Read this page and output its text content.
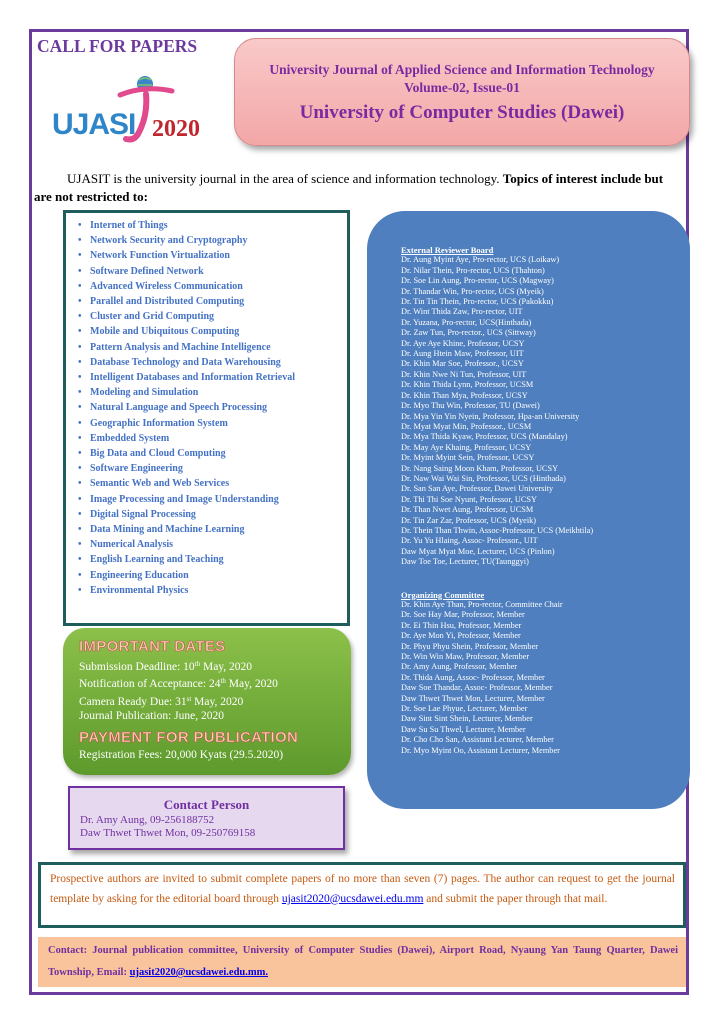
CALL FOR PAPERS
UJASI 2020
University Journal of Applied Science and Information Technology
Volume-02, Issue-01
University of Computer Studies (Dawei)
UJASIT is the university journal in the area of science and information technology. Topics of interest include but are not restricted to:
• Internet of Things
• Network Security and Cryptography
• Network Function Virtualization
• Software Defined Network
• Advanced Wireless Communication
• Parallel and Distributed Computing
• Cluster and Grid Computing
• Mobile and Ubiquitous Computing
• Pattern Analysis and Machine Intelligence
• Database Technology and Data Warehousing
• Intelligent Databases and Information Retrieval
• Modeling and Simulation
• Natural Language and Speech Processing
• Geographic Information System
• Embedded System
• Big Data and Cloud Computing
• Software Engineering
• Semantic Web and Web Services
• Image Processing and Image Understanding
• Digital Signal Processing
• Data Mining and Machine Learning
• Numerical Analysis
• English Learning and Teaching
• Engineering Education
• Environmental Physics
External Reviewer Board
Dr. Aung Myint Aye, Pro-rector, UCS (Loikaw)
Dr. Nilar Thein, Pro-rector, UCS (Thahton)
Dr. Soe Lin Aung, Pro-rector, UCS (Magway)
Dr. Thandar Win, Pro-rector, UCS (Myeik)
Dr. Tin Tin Thein, Pro-rector, UCS (Pakokku)
Dr. Wint Thida Zaw, Pro-rector, UIT
Dr. Yuzana, Pro-rector, UCS(Hinthada)
Dr. Zaw Tun, Pro-rector., UCS (Sittway)
Dr. Aye Aye Khine, Professor, UCSY
Dr. Aung Htein Maw, Professor, UIT
Dr. Khin Mar Soe, Professor., UCSY
Dr. Khin Nwe Ni Tun, Professor, UIT
Dr. Khin Thida Lynn, Professor, UCSM
Dr. Khin Than Mya, Professor, UCSY
Dr. Myo Thu Win, Professor, TU (Dawei)
Dr. Mya Yin Yin Nyein, Professor, Hpa-an University
Dr. Myat Myat Min, Professor., UCSM
Dr. Mya Thida Kyaw, Professor, UCS (Mandalay)
Dr. May Aye Khaing, Professor, UCSY
Dr. Myint Myint Sein, Professor, UCSY
Dr. Nang Saing Moon Kham, Professor, UCSY
Dr. Naw Wai Wai Sin, Professor, UCS (Hinthada)
Dr. San San Aye, Professor, Dawei University
Dr. Thi Thi Soe Nyunt, Professor, UCSY
Dr. Than Nwet Aung, Professor, UCSM
Dr. Tin Zar Zar, Professor, UCS (Myeik)
Dr. Thein Than Thwin, Assoc-Professor, UCS (Meikhtila)
Dr. Yu Yu Hlaing, Assoc- Professor., UIT
Daw Myat Myat Moe, Lecturer, UCS (Pinlon)
Daw Toe Toe, Lecturer, TU(Taunggyi)
Organizing Committee
Dr. Khin Aye Than, Pro-rector, Committee Chair
Dr. Soe Hay Mar, Professor, Member
Dr. Ei Thin Hsu, Professor, Member
Dr. Aye Mon Yi, Professor, Member
Dr. Phyu Phyu Shein, Professor, Member
Dr. Win Win Maw, Professor, Member
Dr. Amy Aung, Professor, Member
Dr. Thida Aung, Assoc- Professor, Member
Daw Soe Thandar, Assoc- Professor, Member
Daw Thwet Thwet Mon, Lecturer, Member
Dr. Soe Lae Phyue, Lecturer, Member
Daw Sint Sint Shein, Lecturer, Member
Daw Su Su Thwel, Lecturer, Member
Dr. Cho Cho San, Assistant Lecturer, Member
Dr. Myo Myint Oo, Assistant Lecturer, Member
IMPORTANT DATES
Submission Deadline: 10th May, 2020
Notification of Acceptance: 24th May, 2020
Camera Ready Due: 31st May, 2020
Journal Publication: June, 2020
PAYMENT FOR PUBLICATION
Registration Fees: 20,000 Kyats (29.5.2020)
Contact Person
Dr. Amy Aung, 09-256188752
Daw Thwet Thwet Mon, 09-250769158
Prospective authors are invited to submit complete papers of no more than seven (7) pages. The author can request to get the journal template by asking for the editorial board through ujasit2020@ucsdawei.edu.mm and submit the paper through that mail.
Contact: Journal publication committee, University of Computer Studies (Dawei), Airport Road, Nyaung Yan Taung Quarter, Dawei Township, Email: ujasit2020@ucsdawei.edu.mm.
